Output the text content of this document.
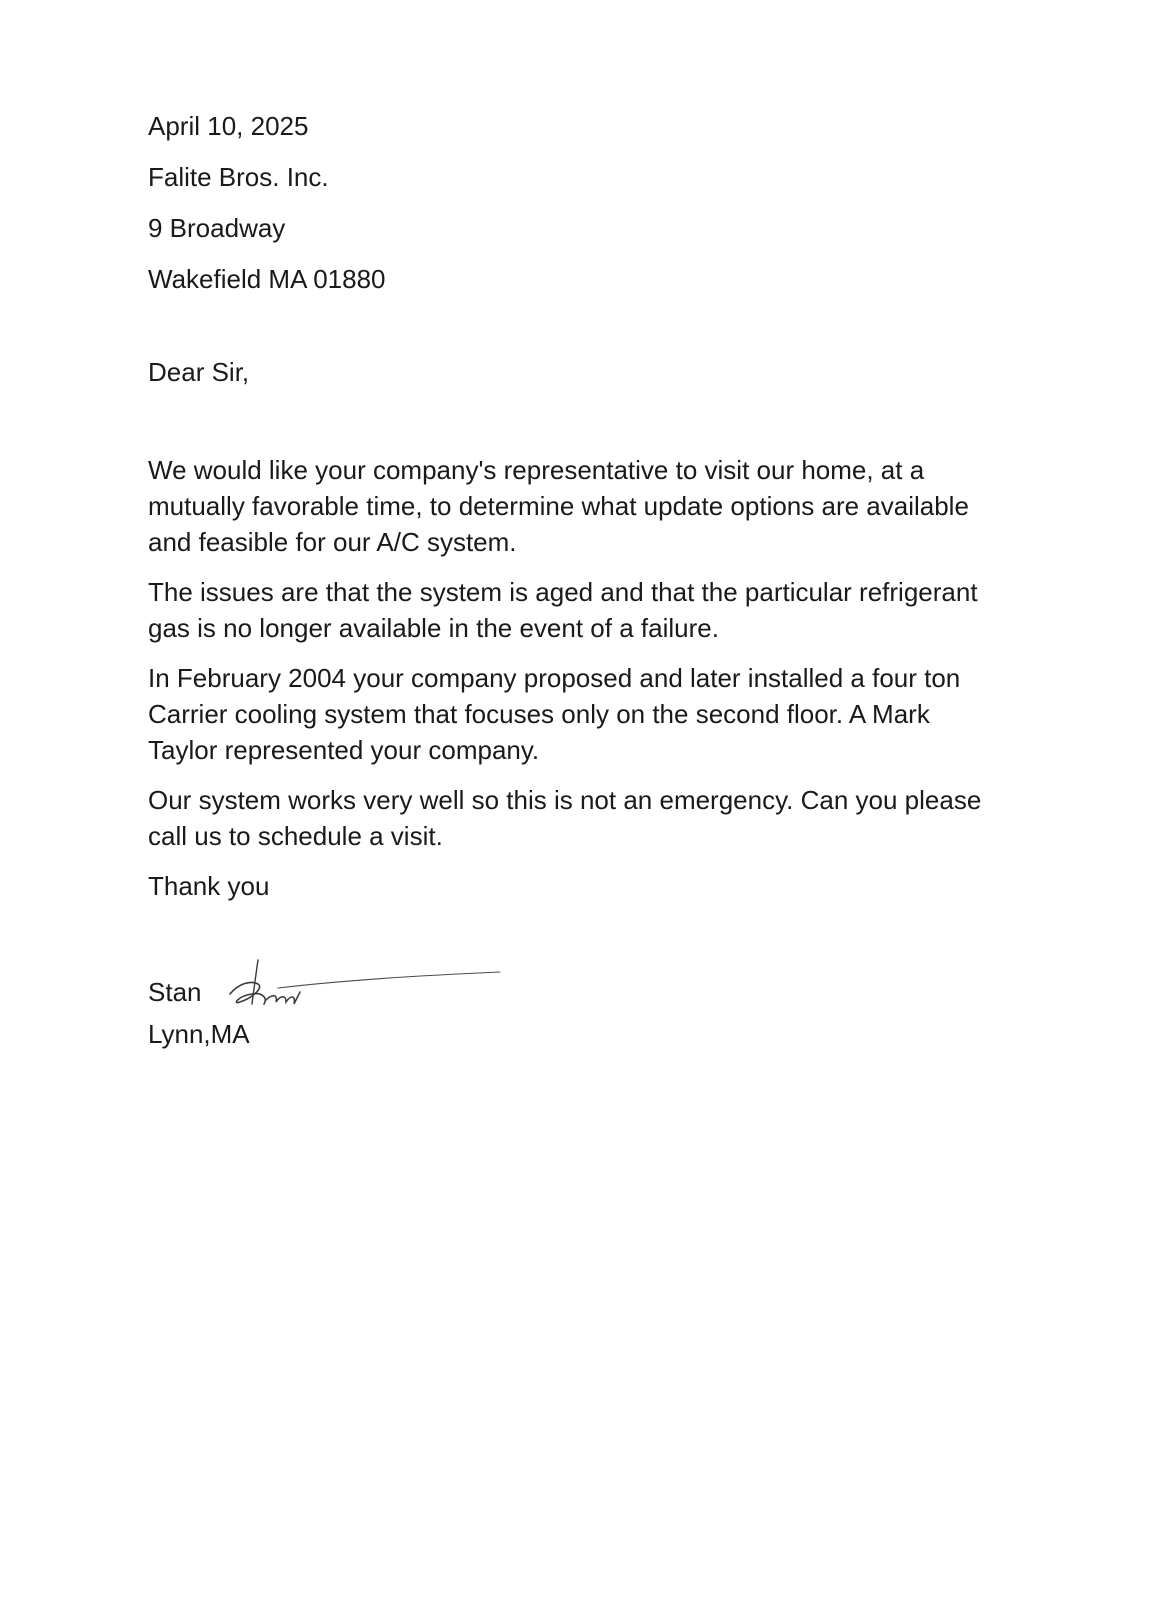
April 10, 2025

Falite Bros. Inc.

9 Broadway

Wakefield MA 01880

Dear Sir,

We would like your company's representative to visit our home, at a
mutually favorable time, to determine what update options are available
and feasible for our A/C system.

The issues are that the system is aged and that the particular refrigerant
gas is no longer available in the event of a failure.

In February 2004 your company proposed and later installed a four ton
Carrier cooling system that focuses only on the second floor. A Mark
Taylor represented your company.

Our system works very well so this is not an emergency. Can you please
call us to schedule a visit.

Thank you

Stan

Lynn,MA
